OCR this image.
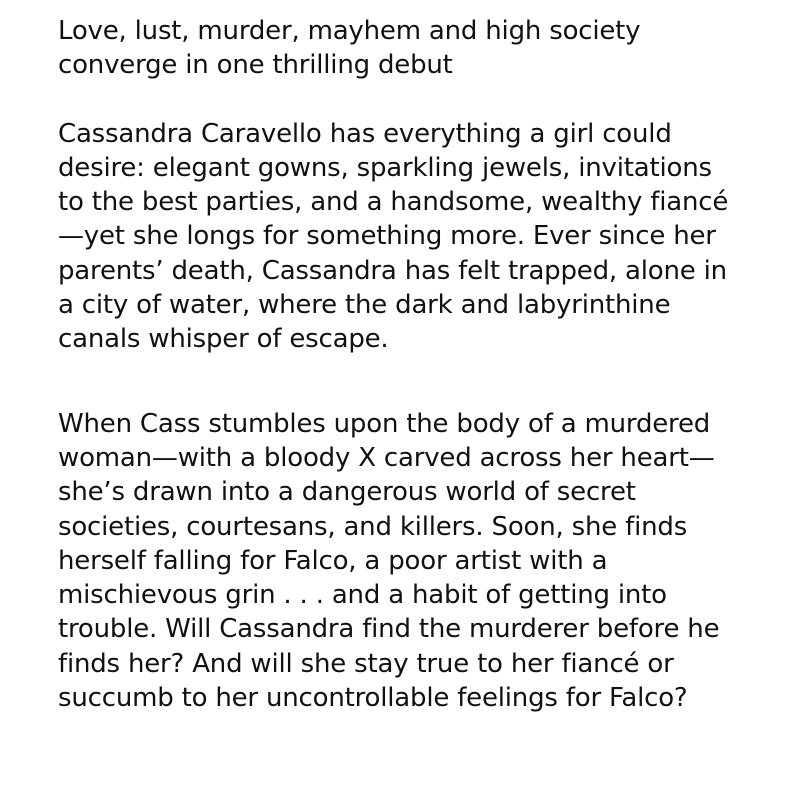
Love, lust, murder, mayhem and high society
converge in one thrilling debut
Cassandra Caravello has everything a girl could
desire: elegant gowns, sparkling jewels, invitations
to the best parties, and a handsome, wealthy fiancé
—yet she longs for something more. Ever since her
parents’ death, Cassandra has felt trapped, alone in
a city of water, where the dark and labyrinthine
canals whisper of escape.
When Cass stumbles upon the body of a murdered
woman—with a bloody X carved across her heart—
she’s drawn into a dangerous world of secret
societies, courtesans, and killers. Soon, she finds
herself falling for Falco, a poor artist with a
mischievous grin . . . and a habit of getting into
trouble. Will Cassandra find the murderer before he
finds her? And will she stay true to her fiancé or
succumb to her uncontrollable feelings for Falco?
